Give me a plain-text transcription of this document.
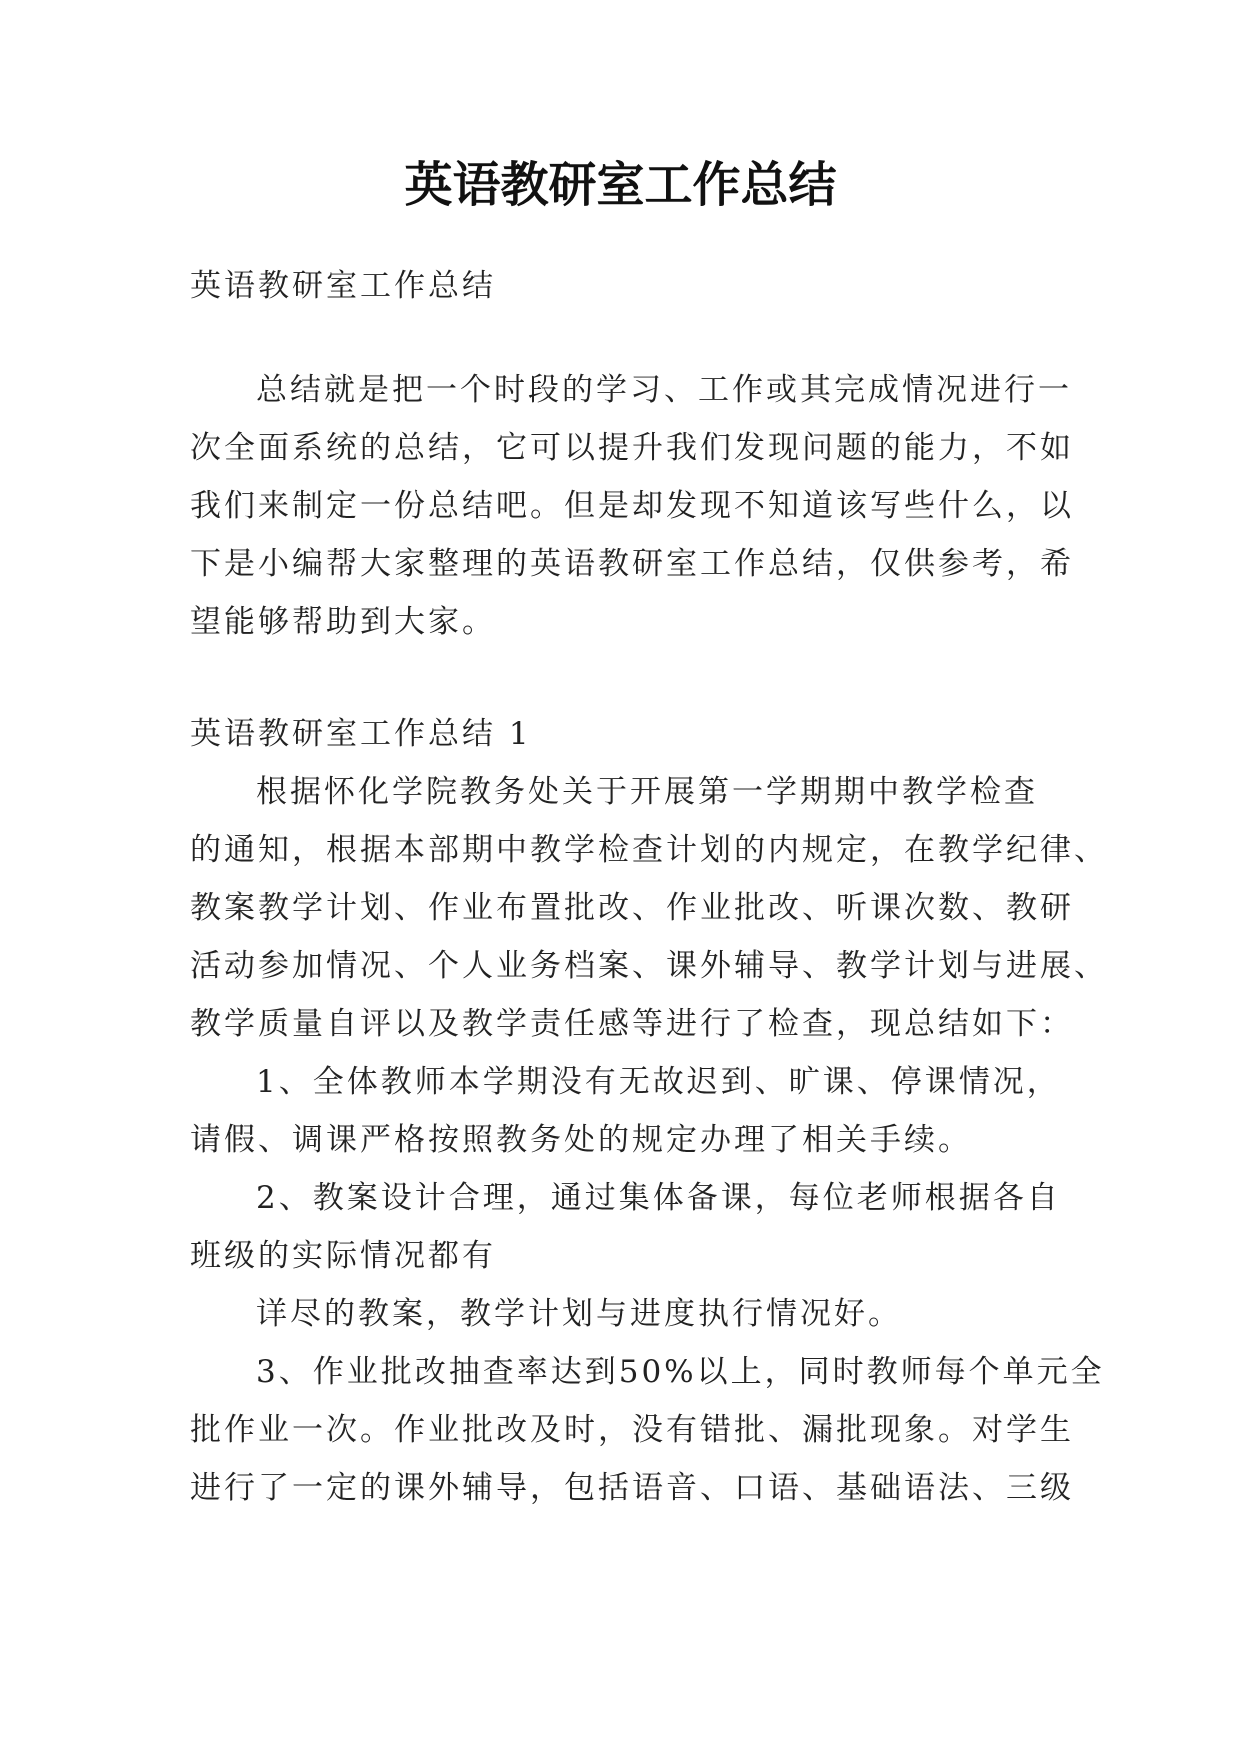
英语教研室工作总结
英语教研室工作总结
总结就是把一个时段的学习、工作或其完成情况进行一
次全面系统的总结，它可以提升我们发现问题的能力，不如
我们来制定一份总结吧。但是却发现不知道该写些什么，以
下是小编帮大家整理的英语教研室工作总结，仅供参考，希
望能够帮助到大家。
英语教研室工作总结 1
根据怀化学院教务处关于开展第一学期期中教学检查
的通知，根据本部期中教学检查计划的内规定，在教学纪律、
教案教学计划、作业布置批改、作业批改、听课次数、教研
活动参加情况、个人业务档案、课外辅导、教学计划与进展、
教学质量自评以及教学责任感等进行了检查，现总结如下：
1、全体教师本学期没有无故迟到、旷课、停课情况，
请假、调课严格按照教务处的规定办理了相关手续。
2、教案设计合理，通过集体备课，每位老师根据各自
班级的实际情况都有
详尽的教案，教学计划与进度执行情况好。
3、作业批改抽查率达到50%以上，同时教师每个单元全
批作业一次。作业批改及时，没有错批、漏批现象。对学生
进行了一定的课外辅导，包括语音、口语、基础语法、三级
